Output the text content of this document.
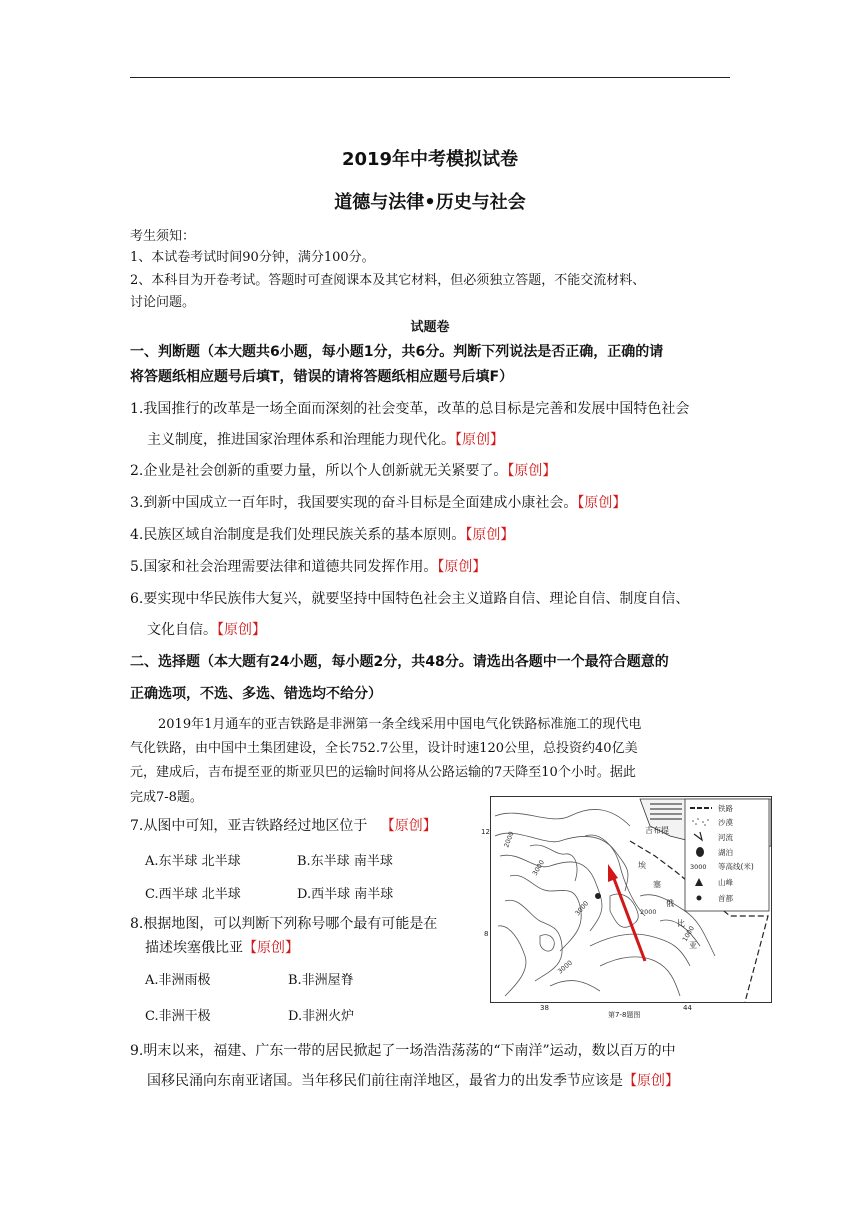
2019年中考模拟试卷
道德与法律•历史与社会
考生须知：
1、本试卷考试时间90分钟，满分100分。
2、本科目为开卷考试。答题时可查阅课本及其它材料，但必须独立答题，不能交流材料、
讨论问题。
试题卷
一、判断题（本大题共6小题，每小题1分，共6分。判断下列说法是否正确，正确的请
将答题纸相应题号后填T，错误的请将答题纸相应题号后填F）
1.我国推行的改革是一场全面而深刻的社会变革，改革的总目标是完善和发展中国特色社会
主义制度，推进国家治理体系和治理能力现代化。【原创】
2.企业是社会创新的重要力量，所以个人创新就无关紧要了。【原创】
3.到新中国成立一百年时，我国要实现的奋斗目标是全面建成小康社会。【原创】
4.民族区域自治制度是我们处理民族关系的基本原则。【原创】
5.国家和社会治理需要法律和道德共同发挥作用。【原创】
6.要实现中华民族伟大复兴，就要坚持中国特色社会主义道路自信、理论自信、制度自信、
文化自信。【原创】
二、选择题（本大题有24小题，每小题2分，共48分。请选出各题中一个最符合题意的
正确选项，不选、多选、错选均不给分）
2019年1月通车的亚吉铁路是非洲第一条全线采用中国电气化铁路标准施工的现代电
气化铁路，由中国中土集团建设，全长752.7公里，设计时速120公里，总投资约40亿美
元，建成后，吉布提至亚的斯亚贝巴的运输时间将从公路运输的7天降至10个小时。据此
完成7-8题。
7.从图中可知，亚吉铁路经过地区位于 【原创】
A.东半球 北半球	B.东半球 南半球
C.西半球 北半球	D.西半球 南半球
8.根据地图，可以判断下列称号哪个最有可能是在
描述埃塞俄比亚【原创】
A.非洲雨极	B.非洲屋脊
C.非洲干极	D.非洲火炉
9.明末以来，福建、广东一带的居民掀起了一场浩浩荡荡的“下南洋”运动，数以百万的中
国移民涌向东南亚诸国。当年移民们前往南洋地区，最省力的出发季节应该是【原创】
铁路
沙漠
河流
湖泊
3000 等高线(米)
山峰
首都
吉布提
埃
塞
俄
比
亚
2000
3000
3000	2000
1000
3000
12
8
38	44
第7-8题图
